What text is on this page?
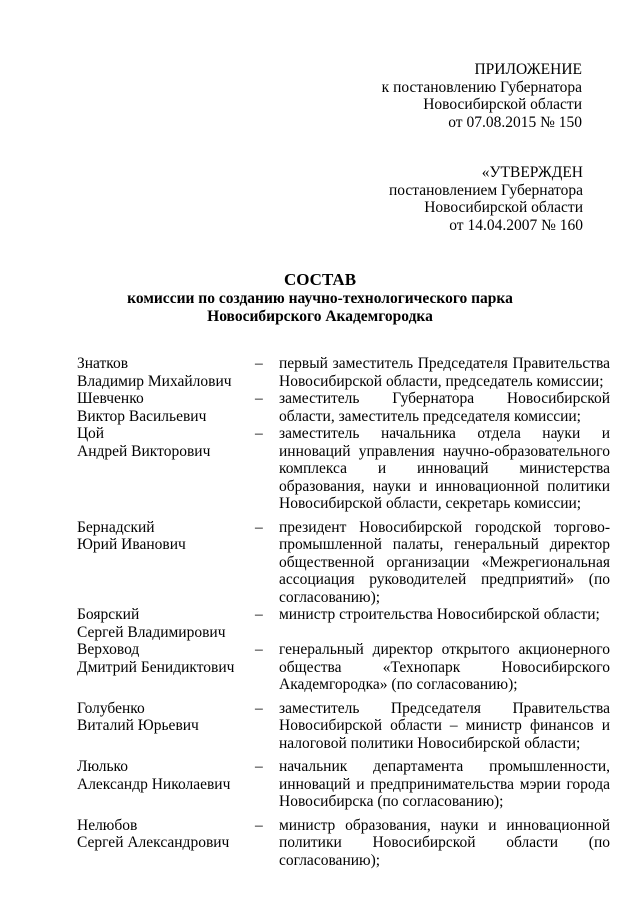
ПРИЛОЖЕНИЕ
к постановлению Губернатора
Новосибирской области
от 07.08.2015 № 150
«УТВЕРЖДЕН
постановлением Губернатора
Новосибирской области
от 14.04.2007 № 160
СОСТАВ
комиссии по созданию научно-технологического парка
Новосибирского Академгородка
Знатков
Владимир Михайлович
–	первый заместитель Председателя Правительства Новосибирской области, председатель комиссии;
Шевченко
Виктор Васильевич
–	заместитель Губернатора Новосибирской области, заместитель председателя комиссии;
Цой
Андрей Викторович
–	заместитель начальника отдела науки и инноваций управления научно-образовательного комплекса и инноваций министерства образования, науки и инновационной политики Новосибирской области, секретарь комиссии;
Бернадский
Юрий Иванович
–	президент Новосибирской городской торгово-промышленной палаты, генеральный директор общественной организации «Межрегиональная ассоциация руководителей предприятий» (по согласованию);
Боярский
Сергей Владимирович
–	министр строительства Новосибирской области;
Верховод
Дмитрий Бенидиктович
–	генеральный директор открытого акционерного общества «Технопарк Новосибирского Академгородка» (по согласованию);
Голубенко
Виталий Юрьевич
–	заместитель Председателя Правительства Новосибирской области – министр финансов и налоговой политики Новосибирской области;
Люлько
Александр Николаевич
–	начальник департамента промышленности, инноваций и предпринимательства мэрии города Новосибирска (по согласованию);
Нелюбов
Сергей Александрович
–	министр образования, науки и инновационной политики Новосибирской области (по согласованию);
